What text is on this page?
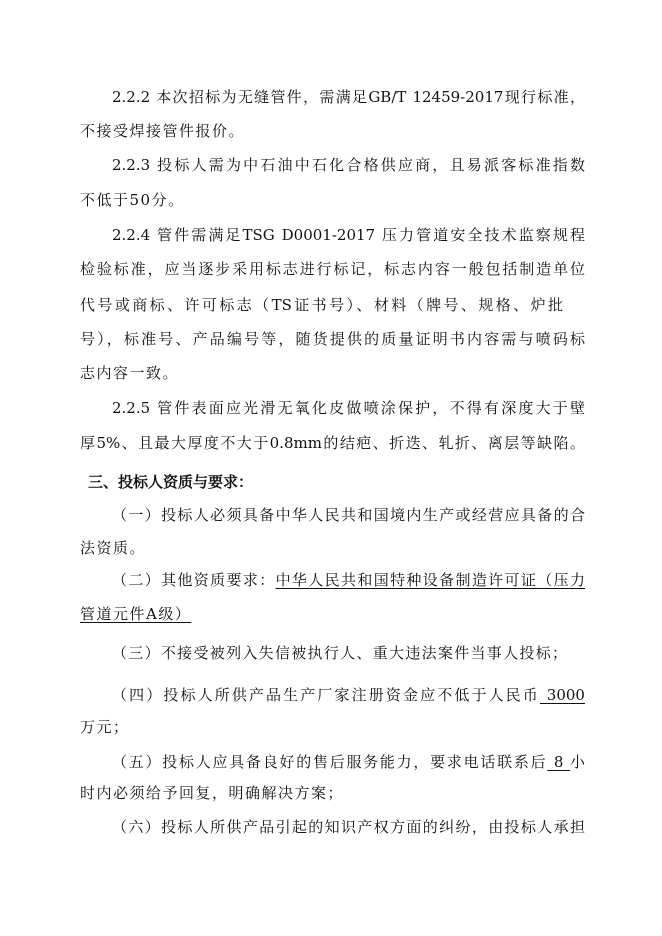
2.2.2 本次招标为无缝管件，需满足GB/T 12459-2017现行标准，
不接受焊接管件报价。
2.2.3 投标人需为中石油中石化合格供应商，且易派客标准指数
不低于50分。
2.2.4 管件需满足TSG D0001-2017 压力管道安全技术监察规程
检验标准，应当逐步采用标志进行标记，标志内容一般包括制造单位
代号或商标、许可标志（TS证书号）、材料（牌号、规格、炉批
号），标准号、产品编号等，随货提供的质量证明书内容需与喷码标
志内容一致。
2.2.5 管件表面应光滑无氧化皮做喷涂保护，不得有深度大于壁
厚5%、且最大厚度不大于0.8mm的结疤、折迭、轧折、离层等缺陷。
三、投标人资质与要求：
（一）投标人必须具备中华人民共和国境内生产或经营应具备的合
法资质。
（二）其他资质要求：中华人民共和国特种设备制造许可证（压力
管道元件A级）
（三）不接受被列入失信被执行人、重大违法案件当事人投标；
（四）投标人所供产品生产厂家注册资金应不低于人民币 3000
万元；
（五）投标人应具备良好的售后服务能力，要求电话联系后 8 小
时内必须给予回复，明确解决方案；
（六）投标人所供产品引起的知识产权方面的纠纷，由投标人承担
